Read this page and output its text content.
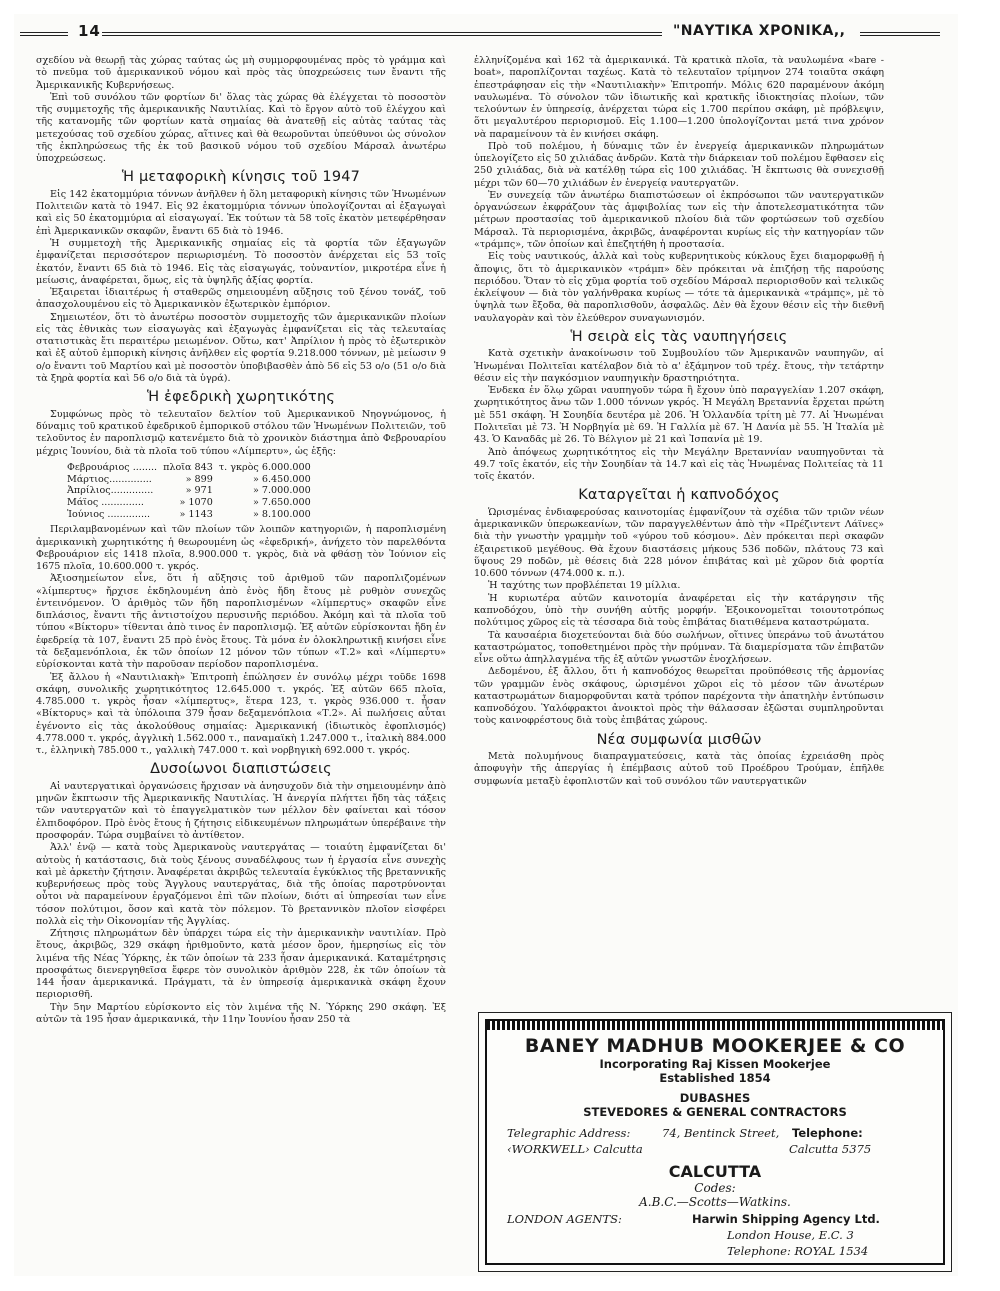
14	"ΝΑΥΤΙΚΑ ΧΡΟΝΙΚΑ,,

σχεδίου νὰ θεωρῇ τὰς χώρας ταύτας ὡς μὴ συμμορφουμένας πρὸς τὸ γράμμα καὶ τὸ πνεῦμα τοῦ ἀμερικανικοῦ νόμου καὶ πρὸς τὰς ὑποχρεώσεις των ἔναντι τῆς Ἀμερικανικῆς Κυβερνήσεως.

Ἐπὶ τοῦ συνόλου τῶν φορτίων δι' ὅλας τὰς χώρας θὰ ἐλέγχεται τὸ ποσοστὸν τῆς συμμετοχῆς τῆς ἀμερικανικῆς Ναυτιλίας. Καὶ τὸ ἔργον αὐτὸ τοῦ ἐλέγχου καὶ τῆς κατανομῆς τῶν φορτίων κατὰ σημαίας θὰ ἀνατεθῇ εἰς αὐτὰς ταύτας τὰς μετεχούσας τοῦ σχεδίου χώρας, αἵτινες καὶ θὰ θεωροῦνται ὑπεύθυνοι ὡς σύνολον τῆς ἐκπληρώσεως τῆς ἐκ τοῦ βασικοῦ νόμου τοῦ σχεδίου Μάρσαλ ἀνωτέρω ὑποχρεώσεως.

Ἡ μεταφορικὴ κίνησις τοῦ 1947

Εἰς 142 ἑκατομμύρια τόννων ἀνῆλθεν ἡ ὅλη μεταφορικὴ κίνησις τῶν Ἡνωμένων Πολιτειῶν κατὰ τὸ 1947. Εἰς 92 ἑκατομμύρια τόννων ὑπολογίζονται αἱ ἐξαγωγαὶ καὶ εἰς 50 ἑκατομμύρια αἱ εἰσαγωγαί. Ἐκ τούτων τὰ 58 τοῖς ἑκατὸν μετεφέρθησαν ἐπὶ Ἀμερικανικῶν σκαφῶν, ἔναντι 65 διὰ τὸ 1946.

Ἡ συμμετοχὴ τῆς Ἀμερικανικῆς σημαίας εἰς τὰ φορτία τῶν ἐξαγωγῶν ἐμφανίζεται περισσότερον περιωρισμένη. Τὸ ποσοστὸν ἀνέρχεται εἰς 53 τοῖς ἑκατόν, ἔναντι 65 διὰ τὸ 1946. Εἰς τὰς εἰσαγωγάς, τοὐναντίον, μικροτέρα εἶνε ἡ μείωσις, ἀναφέρεται, ὅμως, εἰς τὰ ὑψηλῆς ἀξίας φορτία.

Ἐξαιρεται ἰδιαιτέρως ἡ σταθερῶς σημειουμένη αὔξησις τοῦ ξένου τονάζ, τοῦ ἀπασχολουμένου εἰς τὸ Ἀμερικανικὸν ἐξωτερικὸν ἐμπόριον.

Σημειωτέον, ὅτι τὸ ἀνωτέρω ποσοστὸν συμμετοχῆς τῶν ἀμερικανικῶν πλοίων εἰς τὰς ἐθνικὰς των εἰσαγωγὰς καὶ ἐξαγωγὰς ἐμφανίζεται εἰς τὰς τελευταίας στατιστικὰς ἔτι περαιτέρω μειωμένον. Οὕτω, κατ' Ἀπρίλιον ἡ πρὸς τὸ ἐξωτερικὸν καὶ ἐξ αὐτοῦ ἐμπορικὴ κίνησις ἀνῆλθεν εἰς φορτία 9.218.000 τόννων, μὲ μείωσιν 9 ο/ο ἔναντι τοῦ Μαρτίου καὶ μὲ ποσοστὸν ὑποβιβασθὲν ἀπὸ 56 εἰς 53 ο/ο (51 ο/ο διὰ τὰ ξηρὰ φορτία καὶ 56 ο/ο διὰ τὰ ὑγρά).

Ἡ ἐφεδρικὴ χωρητικότης

Συμφώνως πρὸς τὸ τελευταῖον δελτίον τοῦ Ἀμερικανικοῦ Νηογνώμονος, ἡ δύναμις τοῦ κρατικοῦ ἐφεδρικοῦ ἐμπορικοῦ στόλου τῶν Ἡνωμένων Πολιτειῶν, τοῦ τελοῦντος ἐν παροπλισμῷ κατενέμετο διὰ τὸ χρονικὸν διάστημα ἀπὸ Φεβρουαρίου μέχρις Ἰουνίου, διὰ τὰ πλοῖα τοῦ τύπου «Λίμπερτυ», ὡς ἑξῆς:

Φεβρουάριος ........	πλοῖα 843	τ. γκρὸς 6.000.000
Μάρτιος..............	» 899	» 6.450.000
Ἀπρίλιος..............	» 971	» 7.000.000
Μάϊος ..............	» 1070	» 7.650.000
Ἰούνιος ..............	» 1143	» 8.100.000

Περιλαμβανομένων καὶ τῶν πλοίων τῶν λοιπῶν κατηγοριῶν, ἡ παροπλισμένη ἀμερικανικὴ χωρητικότης ἡ θεωρουμένη ὡς «ἐφεδρική», ἀνήχετο τὸν παρελθόντα Φεβρουάριον εἰς 1418 πλοῖα, 8.900.000 τ. γκρὸς, διὰ νὰ φθάσῃ τὸν Ἰούνιον εἰς 1675 πλοῖα, 10.600.000 τ. γκρός.

Ἀξιοσημείωτον εἶνε, ὅτι ἡ αὔξησις τοῦ ἀριθμοῦ τῶν παροπλιζομένων «λίμπερτυς» ἤρχισε ἐκδηλουμένη ἀπὸ ἑνὸς ἤδη ἔτους μὲ ρυθμὸν συνεχῶς ἐντεινόμενον. Ὁ ἀριθμὸς τῶν ἤδη παροπλισμένων «λίμπερτυς» σκαφῶν εἶνε διπλάσιος, ἔναντι τῆς ἀντιστοίχου περυσινῆς περιόδου. Ἀκόμη καὶ τὰ πλοῖα τοῦ τύπου «Βίκτορυ» τίθενται ἀπὸ τινος ἐν παροπλισμῷ. Ἐξ αὐτῶν εὑρίσκονται ἤδη ἐν ἐφεδρείᾳ τὰ 107, ἔναντι 25 πρὸ ἑνὸς ἔτους. Τὰ μόνα ἐν ὁλοκληρωτικῇ κινήσει εἶνε τὰ δεξαμενόπλοια, ἐκ τῶν ὁποίων 12 μόνον τῶν τύπων «Τ.2» καὶ «Λίμπερτυ» εὑρίσκονται κατὰ τὴν παροῦσαν περίοδον παροπλισμένα.

Ἐξ ἄλλου ἡ «Ναυτιλιακὴ» Ἐπιτροπὴ ἐπώλησεν ἐν συνόλῳ μέχρι τοῦδε 1698 σκάφη, συνολικῆς χωρητικότητος 12.645.000 τ. γκρός. Ἐξ αὐτῶν 665 πλοῖα, 4.785.000 τ. γκρὸς ἦσαν «λίμπερτυς», ἕτερα 123, τ. γκρὸς 936.000 τ. ἦσαν «Βίκτορυς» καὶ τὰ ὑπόλοιπα 379 ἦσαν δεξαμενόπλοια «Τ.2». Αἱ πωλήσεις αὗται ἐγένοντο εἰς τὰς ἀκολούθους σημαίας: Ἀμερικανική (ἰδιωτικὸς ἐφοπλισμός) 4.778.000 τ. γκρός, ἀγγλικὴ 1.562.000 τ., παναμαϊκὴ 1.247.000 τ., ἰταλικὴ 884.000 τ., ἑλληνικὴ 785.000 τ., γαλλικὴ 747.000 τ. καὶ νορβηγικὴ 692.000 τ. γκρός.

Δυσοίωνοι διαπιστώσεις

Αἱ ναυτεργατικαὶ ὀργανώσεις ἤρχισαν νὰ ἀνησυχοῦν διὰ τὴν σημειουμένην ἀπὸ μηνῶν ἔκπτωσιν τῆς Ἀμερικανικῆς Ναυτιλίας. Ἡ ἀνεργία πλήττει ἤδη τὰς τάξεις τῶν ναυτεργατῶν καὶ τὸ ἐπαγγελματικὸν των μέλλον δὲν φαίνεται καὶ τόσον ἐλπιδοφόρον. Πρὸ ἑνὸς ἔτους ἡ ζήτησις εἰδικευμένων πληρωμάτων ὑπερέβαινε τὴν προσφοράν. Τώρα συμβαίνει τὸ ἀντίθετον.

Ἀλλ' ἐνῷ — κατὰ τοὺς Ἀμερικανοὺς ναυτεργάτας — τοιαύτη ἐμφανίζεται δι' αὐτοὺς ἡ κατάστασις, διὰ τοὺς ξένους συναδέλφους των ἡ ἐργασία εἶνε συνεχὴς καὶ μὲ ἀρκετὴν ζήτησιν. Ἀναφέρεται ἀκριβῶς τελευταία ἐγκύκλιος τῆς βρεταννικῆς κυβερνήσεως πρὸς τοὺς Ἄγγλους ναυτεργάτας, διὰ τῆς ὁποίας παροτρύνονται οὗτοι νὰ παραμείνουν ἐργαζόμενοι ἐπὶ τῶν πλοίων, διότι αἱ ὑπηρεσίαι των εἶνε τόσον πολύτιμοι, ὅσον καὶ κατὰ τὸν πόλεμον. Τὸ βρεταννικὸν πλοῖον εἰσφέρει πολλὰ εἰς τὴν Οἰκονομίαν τῆς Ἀγγλίας.

Ζήτησις πληρωμάτων δὲν ὑπάρχει τώρα εἰς τὴν ἀμερικανικὴν ναυτιλίαν. Πρὸ ἔτους, ἀκριβῶς, 329 σκάφη ἠριθμοῦντο, κατὰ μέσον ὅρον, ἡμερησίως εἰς τὸν λιμένα τῆς Νέας Ὑόρκης, ἐκ τῶν ὁποίων τὰ 233 ἦσαν ἀμερικανικά. Καταμέτρησις προσφάτως διενεργηθεῖσα ἔφερε τὸν συνολικὸν ἀριθμὸν 228, ἐκ τῶν ὁποίων τὰ 144 ἦσαν ἀμερικανικά. Πράγματι, τὰ ἐν ὑπηρεσίᾳ ἀμερικανικὰ σκάφη ἔχουν περιορισθῆ.

Τὴν 5ην Μαρτίου εὑρίσκοντο εἰς τὸν λιμένα τῆς Ν. Ὑόρκης 290 σκάφη. Ἐξ αὐτῶν τὰ 195 ἦσαν ἀμερικανικά, τὴν 11ην Ἰουνίου ἦσαν 250 τὰ

ἑλληνίζομένα καὶ 162 τὰ ἀμερικανικά. Τὰ κρατικὰ πλοῖα, τὰ ναυλωμένα «bare - boat», παροπλίζονται ταχέως. Κατὰ τὸ τελευταῖον τρίμηνον 274 τοιαῦτα σκάφη ἐπεστράφησαν εἰς τὴν «Ναυτιλιακὴν» Ἐπιτροπήν. Μόλις 620 παραμένουν ἀκόμη ναυλωμένα. Τὸ σύνολον τῶν ἰδιωτικῆς καὶ κρατικῆς ἰδιοκτησίας πλοίων, τῶν τελούντων ἐν ὑπηρεσίᾳ, ἀνέρχεται τώρα εἰς 1.700 περίπου σκάφη, μὲ πρόβλεψιν, ὅτι μεγαλυτέρου περιορισμοῦ. Εἰς 1.100—1.200 ὑπολογίζονται μετά τινα χρόνον νὰ παραμείνουν τὰ ἐν κινήσει σκάφη.

Πρὸ τοῦ πολέμου, ἡ δύναμις τῶν ἐν ἐνεργείᾳ ἀμερικανικῶν πληρωμάτων ὑπελογίζετο εἰς 50 χιλιάδας ἀνδρῶν. Κατὰ τὴν διάρκειαν τοῦ πολέμου ἔφθασεν εἰς 250 χιλιάδας, διὰ νὰ κατέλθῃ τώρα εἰς 100 χιλιάδας. Ἡ ἔκπτωσις θὰ συνεχισθῇ μέχρι τῶν 60—70 χιλιάδων ἐν ἐνεργείᾳ ναυτεργατῶν.

Ἐν συνεχείᾳ τῶν ἀνωτέρω διαπιστώσεων οἱ ἐκπρόσωποι τῶν ναυτεργατικῶν ὀργανώσεων ἐκφράζουν τὰς ἀμφιβολίας των εἰς τὴν ἀποτελεσματικότητα τῶν μέτρων προστασίας τοῦ ἀμερικανικοῦ πλοίου διὰ τῶν φορτώσεων τοῦ σχεδίου Μάρσαλ. Τὰ περιορισμένα, ἀκριβῶς, ἀναφέρονται κυρίως εἰς τὴν κατηγορίαν τῶν «τράμπς», τῶν ὁποίων καὶ ἐπεζητήθη ἡ προστασία.

Εἰς τοὺς ναυτικούς, ἀλλὰ καὶ τοὺς κυβερνητικοὺς κύκλους ἔχει διαμορφωθῇ ἡ ἄποψις, ὅτι τὸ ἀμερικανικὸν «τράμπ» δὲν πρόκειται νὰ ἐπιζήσῃ τῆς παρούσης περιόδου. Ὅταν τὸ εἰς χῦμα φορτία τοῦ σχεδίου Μάρσαλ περιορισθοῦν καὶ τελικῶς ἐκλείψουν — διὰ τὸν γαλήνθρακα κυρίως — τότε τὰ ἀμερικανικὰ «τράμπς», μὲ τὸ ὑψηλὰ των ἔξοδα, θὰ παροπλισθοῦν, ἀσφαλῶς. Δὲν θὰ ἔχουν θέσιν εἰς τὴν διεθνῆ ναυλαγορὰν καὶ τὸν ἐλεύθερον συναγωνισμόν.

Ἡ σειρὰ εἰς τὰς ναυπηγήσεις

Κατὰ σχετικὴν ἀνακοίνωσιν τοῦ Συμβουλίου τῶν Ἀμερικανῶν ναυπηγῶν, αἱ Ἡνωμέναι Πολιτεῖαι κατέλαβον διὰ τὸ α' ἑξάμηνον τοῦ τρέχ. ἔτους, τὴν τετάρτην θέσιν εἰς τὴν παγκόσμιον ναυπηγικὴν δραστηριότητα.

Ἐνδεκα ἐν ὅλῳ χῶραι ναυπηγοῦν τώρα ἢ ἔχουν ὑπὸ παραγγελίαν 1.207 σκάφη, χωρητικότητος ἄνω τῶν 1.000 τόννων γκρός. Ἡ Μεγάλη Βρεταννία ἔρχεται πρώτη μὲ 551 σκάφη. Ἡ Σουηδία δευτέρα μὲ 206. Ἡ Ὁλλανδία τρίτη μὲ 77. Αἱ Ἡνωμέναι Πολιτεῖαι μὲ 73. Ἡ Νορβηγία μὲ 69. Ἡ Γαλλία μὲ 67. Ἡ Δανία μὲ 55. Ἡ Ἰταλία μὲ 43. Ὁ Καναδᾶς μὲ 26. Τὸ Βέλγιον μὲ 21 καὶ Ἰσπανία μὲ 19.

Ἀπὸ ἀπόψεως χωρητικότητος εἰς τὴν Μεγάλην Βρεταννίαν ναυπηγοῦνται τὰ 49.7 τοῖς ἑκατόν, εἰς τὴν Σουηδίαν τὰ 14.7 καὶ εἰς τὰς Ἡνωμένας Πολιτείας τὰ 11 τοῖς ἑκατόν.

Καταργεῖται ἡ καπνοδόχος

Ὡρισμένας ἐνδιαφερούσας καινοτομίας ἐμφανίζουν τὰ σχέδια τῶν τριῶν νέων ἀμερικανικῶν ὑπερωκεανίων, τῶν παραγγελθέντων ἀπὸ τὴν «Πρέζιντεντ Λάϊνες» διὰ τὴν γνωστὴν γραμμὴν τοῦ «γύρου τοῦ κόσμου». Δὲν πρόκειται περὶ σκαφῶν ἐξαιρετικοῦ μεγέθους. Θὰ ἔχουν διαστάσεις μήκους 536 ποδῶν, πλάτους 73 καὶ ὕψους 29 ποδῶν, μὲ θέσεις διὰ 228 μόνον ἐπιβάτας καὶ μὲ χῶρον διὰ φορτία 10.600 τόννων (474.000 κ. π.).

Ἡ ταχύτης των προβλέπεται 19 μίλλια.

Ἡ κυριωτέρα αὐτῶν καινοτομία ἀναφέρεται εἰς τὴν κατάργησιν τῆς καπνοδόχου, ὑπὸ τὴν συνήθη αὐτῆς μορφήν. Ἐξοικονομεῖται τοιουτοτρόπως πολύτιμος χῶρος εἰς τὰ τέσσαρα διὰ τοὺς ἐπιβάτας διατιθέμενα καταστρώματα.

Τὰ καυσαέρια διοχετεύονται διὰ δύο σωλήνων, οἵτινες ὑπεράνω τοῦ ἀνωτάτου καταστρώματος, τοποθετημένοι πρὸς τὴν πρύμναν. Τὰ διαμερίσματα τῶν ἐπιβατῶν εἶνε οὕτω ἀπηλλαγμένα τῆς ἐξ αὐτῶν γνωστῶν ἐνοχλήσεων.

Δεδομένου, ἐξ ἄλλου, ὅτι ἡ καπνοδόχος θεωρεῖται προϋπόθεσις τῆς ἁρμονίας τῶν γραμμῶν ἑνὸς σκάφους, ὡρισμένοι χῶροι εἰς τὸ μέσον τῶν ἀνωτέρων καταστρωμάτων διαμορφοῦνται κατὰ τρόπον παρέχοντα τὴν ἀπατηλὴν ἐντύπωσιν καπνοδόχου. Ὑαλόφρακτοι ἀνοικτοὶ πρὸς τὴν θάλασσαν ἐξῶσται συμπληροῦνται τοὺς καινοφρέστους διὰ τοὺς ἐπιβάτας χώρους.

Νέα συμφωνία μισθῶν

Μετὰ πολυμήνους διαπραγματεύσεις, κατὰ τὰς ὁποίας ἐχρειάσθη πρὸς ἀποφυγὴν τῆς ἀπεργίας ἡ ἐπέμβασις αὐτοῦ τοῦ Προέδρου Τρούμαν, ἐπῆλθε συμφωνία μεταξὺ ἐφοπλιστῶν καὶ τοῦ συνόλου τῶν ναυτεργατικῶν

BANEY MADHUB MOOKERJEE & CO
Incorporating Raj Kissen Mookerjee
Established 1854
DUBASHES
STEVEDORES & GENERAL CONTRACTORS
Telegraphic Address:	74, Bentinck Street, Telephone:
‹WORKWELL› Calcutta	Calcutta 5375
CALCUTTA
Codes:
A.B.C.—Scotts—Watkins.
LONDON AGENTS:	Harwin Shipping Agency Ltd.
London House, E.C. 3
Telephone: ROYAL 1534
